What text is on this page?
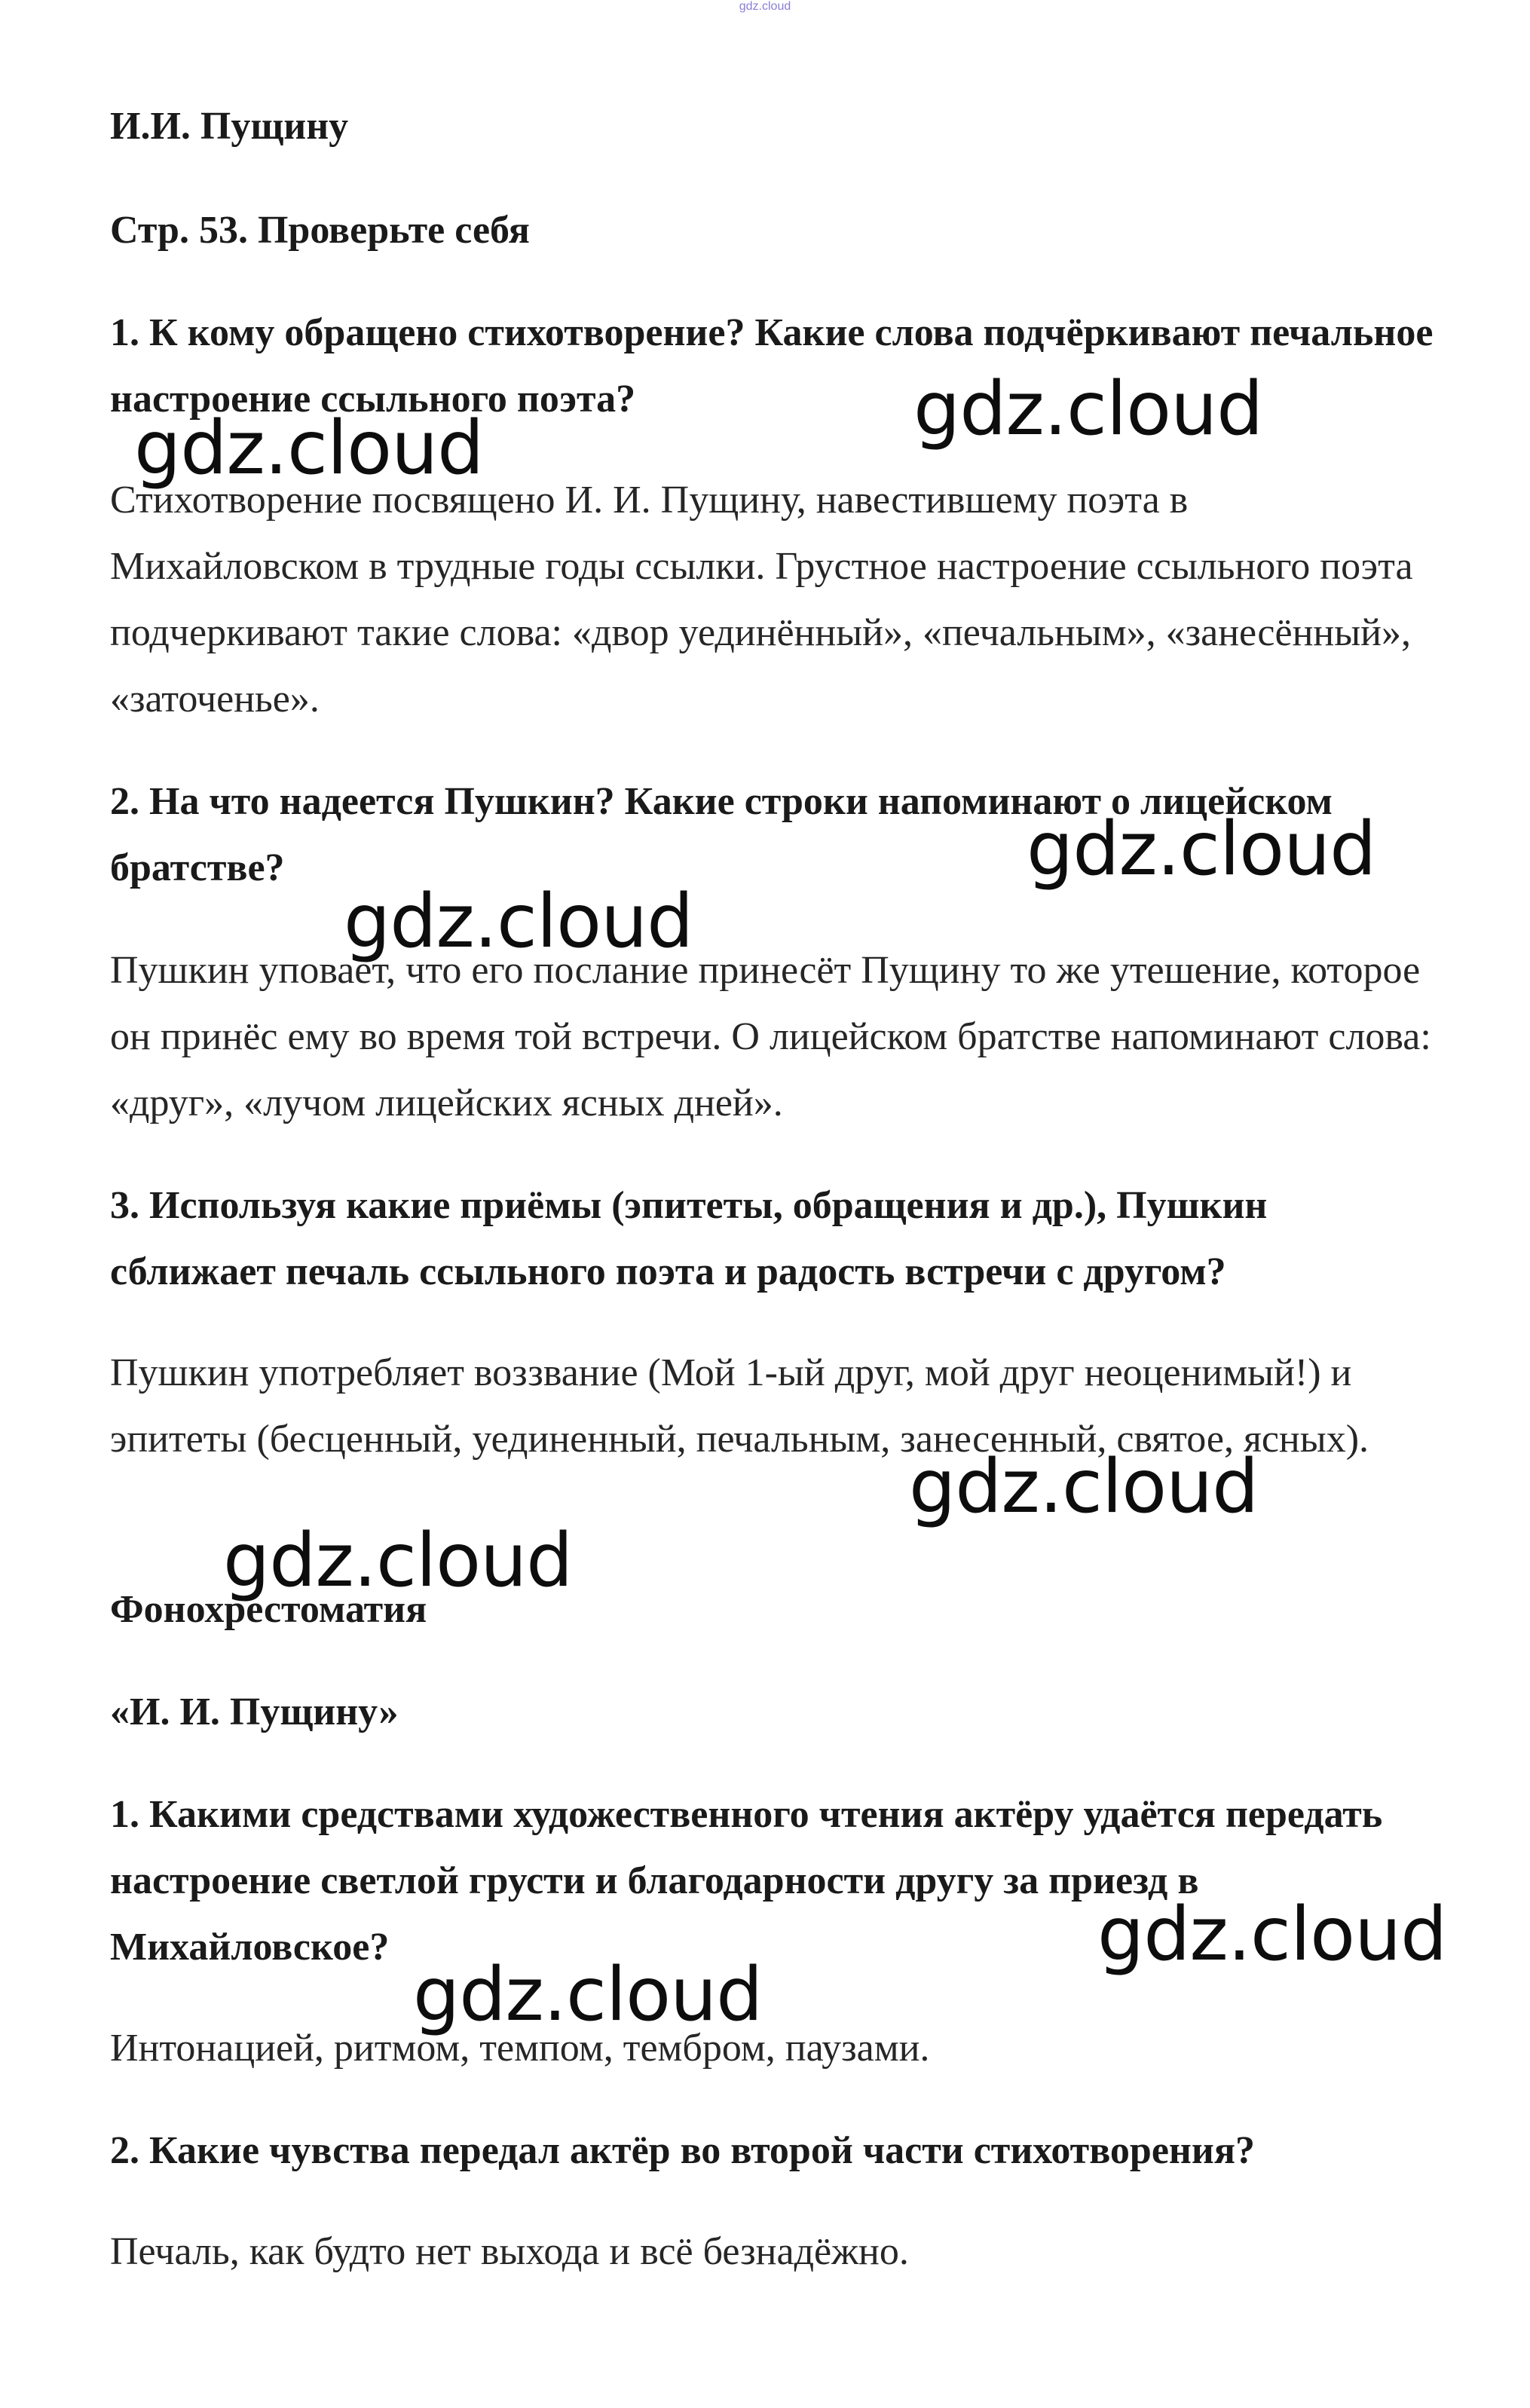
gdz.cloud

И.И. Пущину

Стр. 53. Проверьте себя

1. К кому обращено стихотворение? Какие слова подчёркивают печальное настроение ссыльного поэта?

Стихотворение посвящено И. И. Пущину, навестившему поэта в Михайловском в трудные годы ссылки. Грустное настроение ссыльного поэта подчеркивают такие слова: «двор уединённый», «печальным», «занесённый», «заточенье».

2. На что надеется Пушкин? Какие строки напоминают о лицейском братстве?

Пушкин уповает, что его послание принесёт Пущину то же утешение, которое он принёс ему во время той встречи. О лицейском братстве напоминают слова: «друг», «лучом лицейских ясных дней».

3. Используя какие приёмы (эпитеты, обращения и др.), Пушкин сближает печаль ссыльного поэта и радость встречи с другом?

Пушкин употребляет воззвание (Мой 1-ый друг, мой друг неоценимый!) и эпитеты (бесценный, уединенный, печальным, занесенный, святое, ясных).

Фонохрестоматия

«И. И. Пущину»

1. Какими средствами художественного чтения актёру удаётся передать настроение светлой грусти и благодарности другу за приезд в Михайловское?

Интонацией, ритмом, темпом, тембром, паузами.

2. Какие чувства передал актёр во второй части стихотворения?

Печаль, как будто нет выхода и всё безнадёжно.

gdz.cloud
gdz.cloud
gdz.cloud
gdz.cloud
gdz.cloud
gdz.cloud
gdz.cloud
gdz.cloud
